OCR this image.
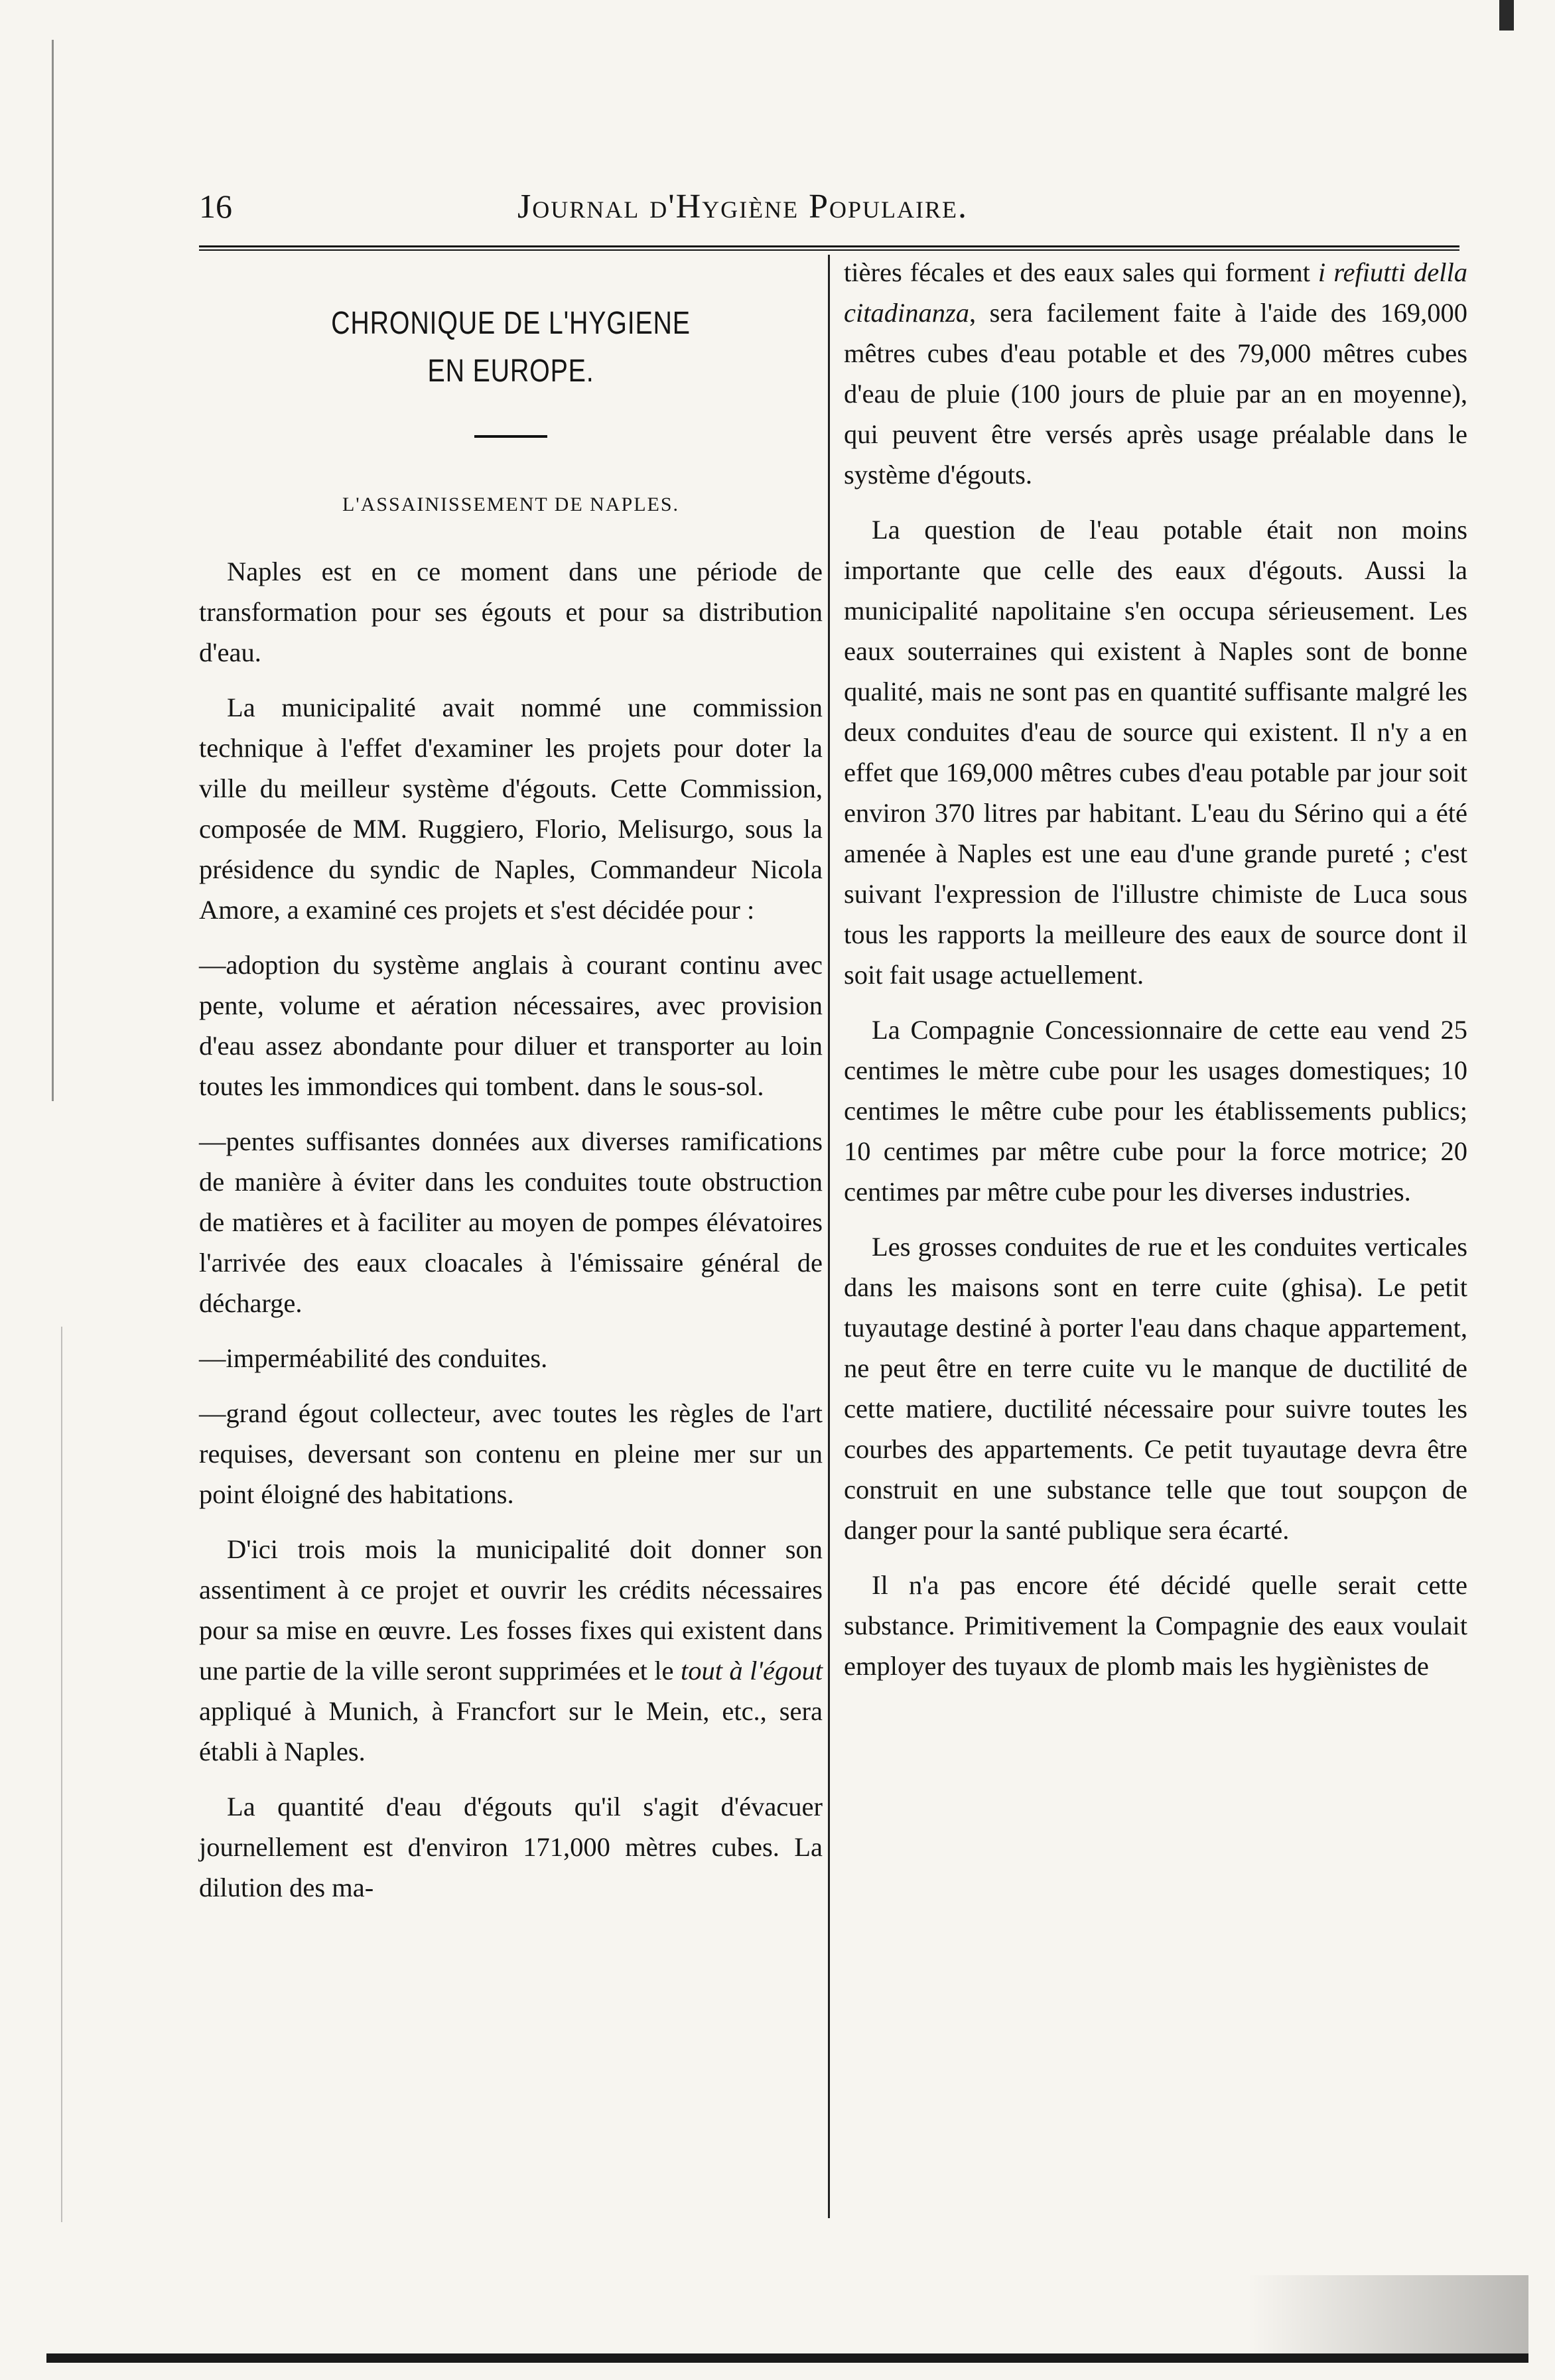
16	Journal d'Hygiène Populaire.
CHRONIQUE DE L'HYGIENE
EN EUROPE.
L'ASSAINISSEMENT DE NAPLES.

Naples est en ce moment dans une période de transformation pour ses égouts et pour sa distribution d'eau.

La municipalité avait nommé une commission technique à l'effet d'examiner les projets pour doter la ville du meilleur système d'égouts. Cette Commission, composée de MM. Ruggiero, Florio, Melisurgo, sous la présidence du syndic de Naples, Commandeur Nicola Amore, a examiné ces projets et s'est décidée pour :

—adoption du système anglais à courant continu avec pente, volume et aération nécessaires, avec provision d'eau assez abondante pour diluer et transporter au loin toutes les immondices qui tombent. dans le sous-sol.

—pentes suffisantes données aux diverses ramifications de manière à éviter dans les conduites toute obstruction de matières et à faciliter au moyen de pompes élévatoires l'arrivée des eaux cloacales à l'émissaire général de décharge.

—imperméabilité des conduites.

—grand égout collecteur, avec toutes les règles de l'art requises, deversant son contenu en pleine mer sur un point éloigné des habitations.

D'ici trois mois la municipalité doit donner son assentiment à ce projet et ouvrir les crédits nécessaires pour sa mise en œuvre. Les fosses fixes qui existent dans une partie de la ville seront supprimées et le tout à l'égout appliqué à Munich, à Francfort sur le Mein, etc., sera établi à Naples.

La quantité d'eau d'égouts qu'il s'agit d'évacuer journellement est d'environ 171,000 mètres cubes. La dilution des ma-

tières fécales et des eaux sales qui forment i refiutti della citadinanza, sera facilement faite à l'aide des 169,000 mêtres cubes d'eau potable et des 79,000 mêtres cubes d'eau de pluie (100 jours de pluie par an en moyenne), qui peuvent être versés après usage préalable dans le système d'égouts.

La question de l'eau potable était non moins importante que celle des eaux d'égouts. Aussi la municipalité napolitaine s'en occupa sérieusement. Les eaux souterraines qui existent à Naples sont de bonne qualité, mais ne sont pas en quantité suffisante malgré les deux conduites d'eau de source qui existent. Il n'y a en effet que 169,000 mêtres cubes d'eau potable par jour soit environ 370 litres par habitant. L'eau du Sérino qui a été amenée à Naples est une eau d'une grande pureté ; c'est suivant l'expression de l'illustre chimiste de Luca sous tous les rapports la meilleure des eaux de source dont il soit fait usage actuellement.

La Compagnie Concessionnaire de cette eau vend 25 centimes le mètre cube pour les usages domestiques; 10 centimes le mêtre cube pour les établissements publics; 10 centimes par mêtre cube pour la force motrice; 20 centimes par mêtre cube pour les diverses industries.

Les grosses conduites de rue et les conduites verticales dans les maisons sont en terre cuite (ghisa). Le petit tuyautage destiné à porter l'eau dans chaque appartement, ne peut être en terre cuite vu le manque de ductilité de cette matiere, ductilité nécessaire pour suivre toutes les courbes des appartements. Ce petit tuyautage devra être construit en une substance telle que tout soupçon de danger pour la santé publique sera écarté.

Il n'a pas encore été décidé quelle serait cette substance. Primitivement la Compagnie des eaux voulait employer des tuyaux de plomb mais les hygiènistes de
